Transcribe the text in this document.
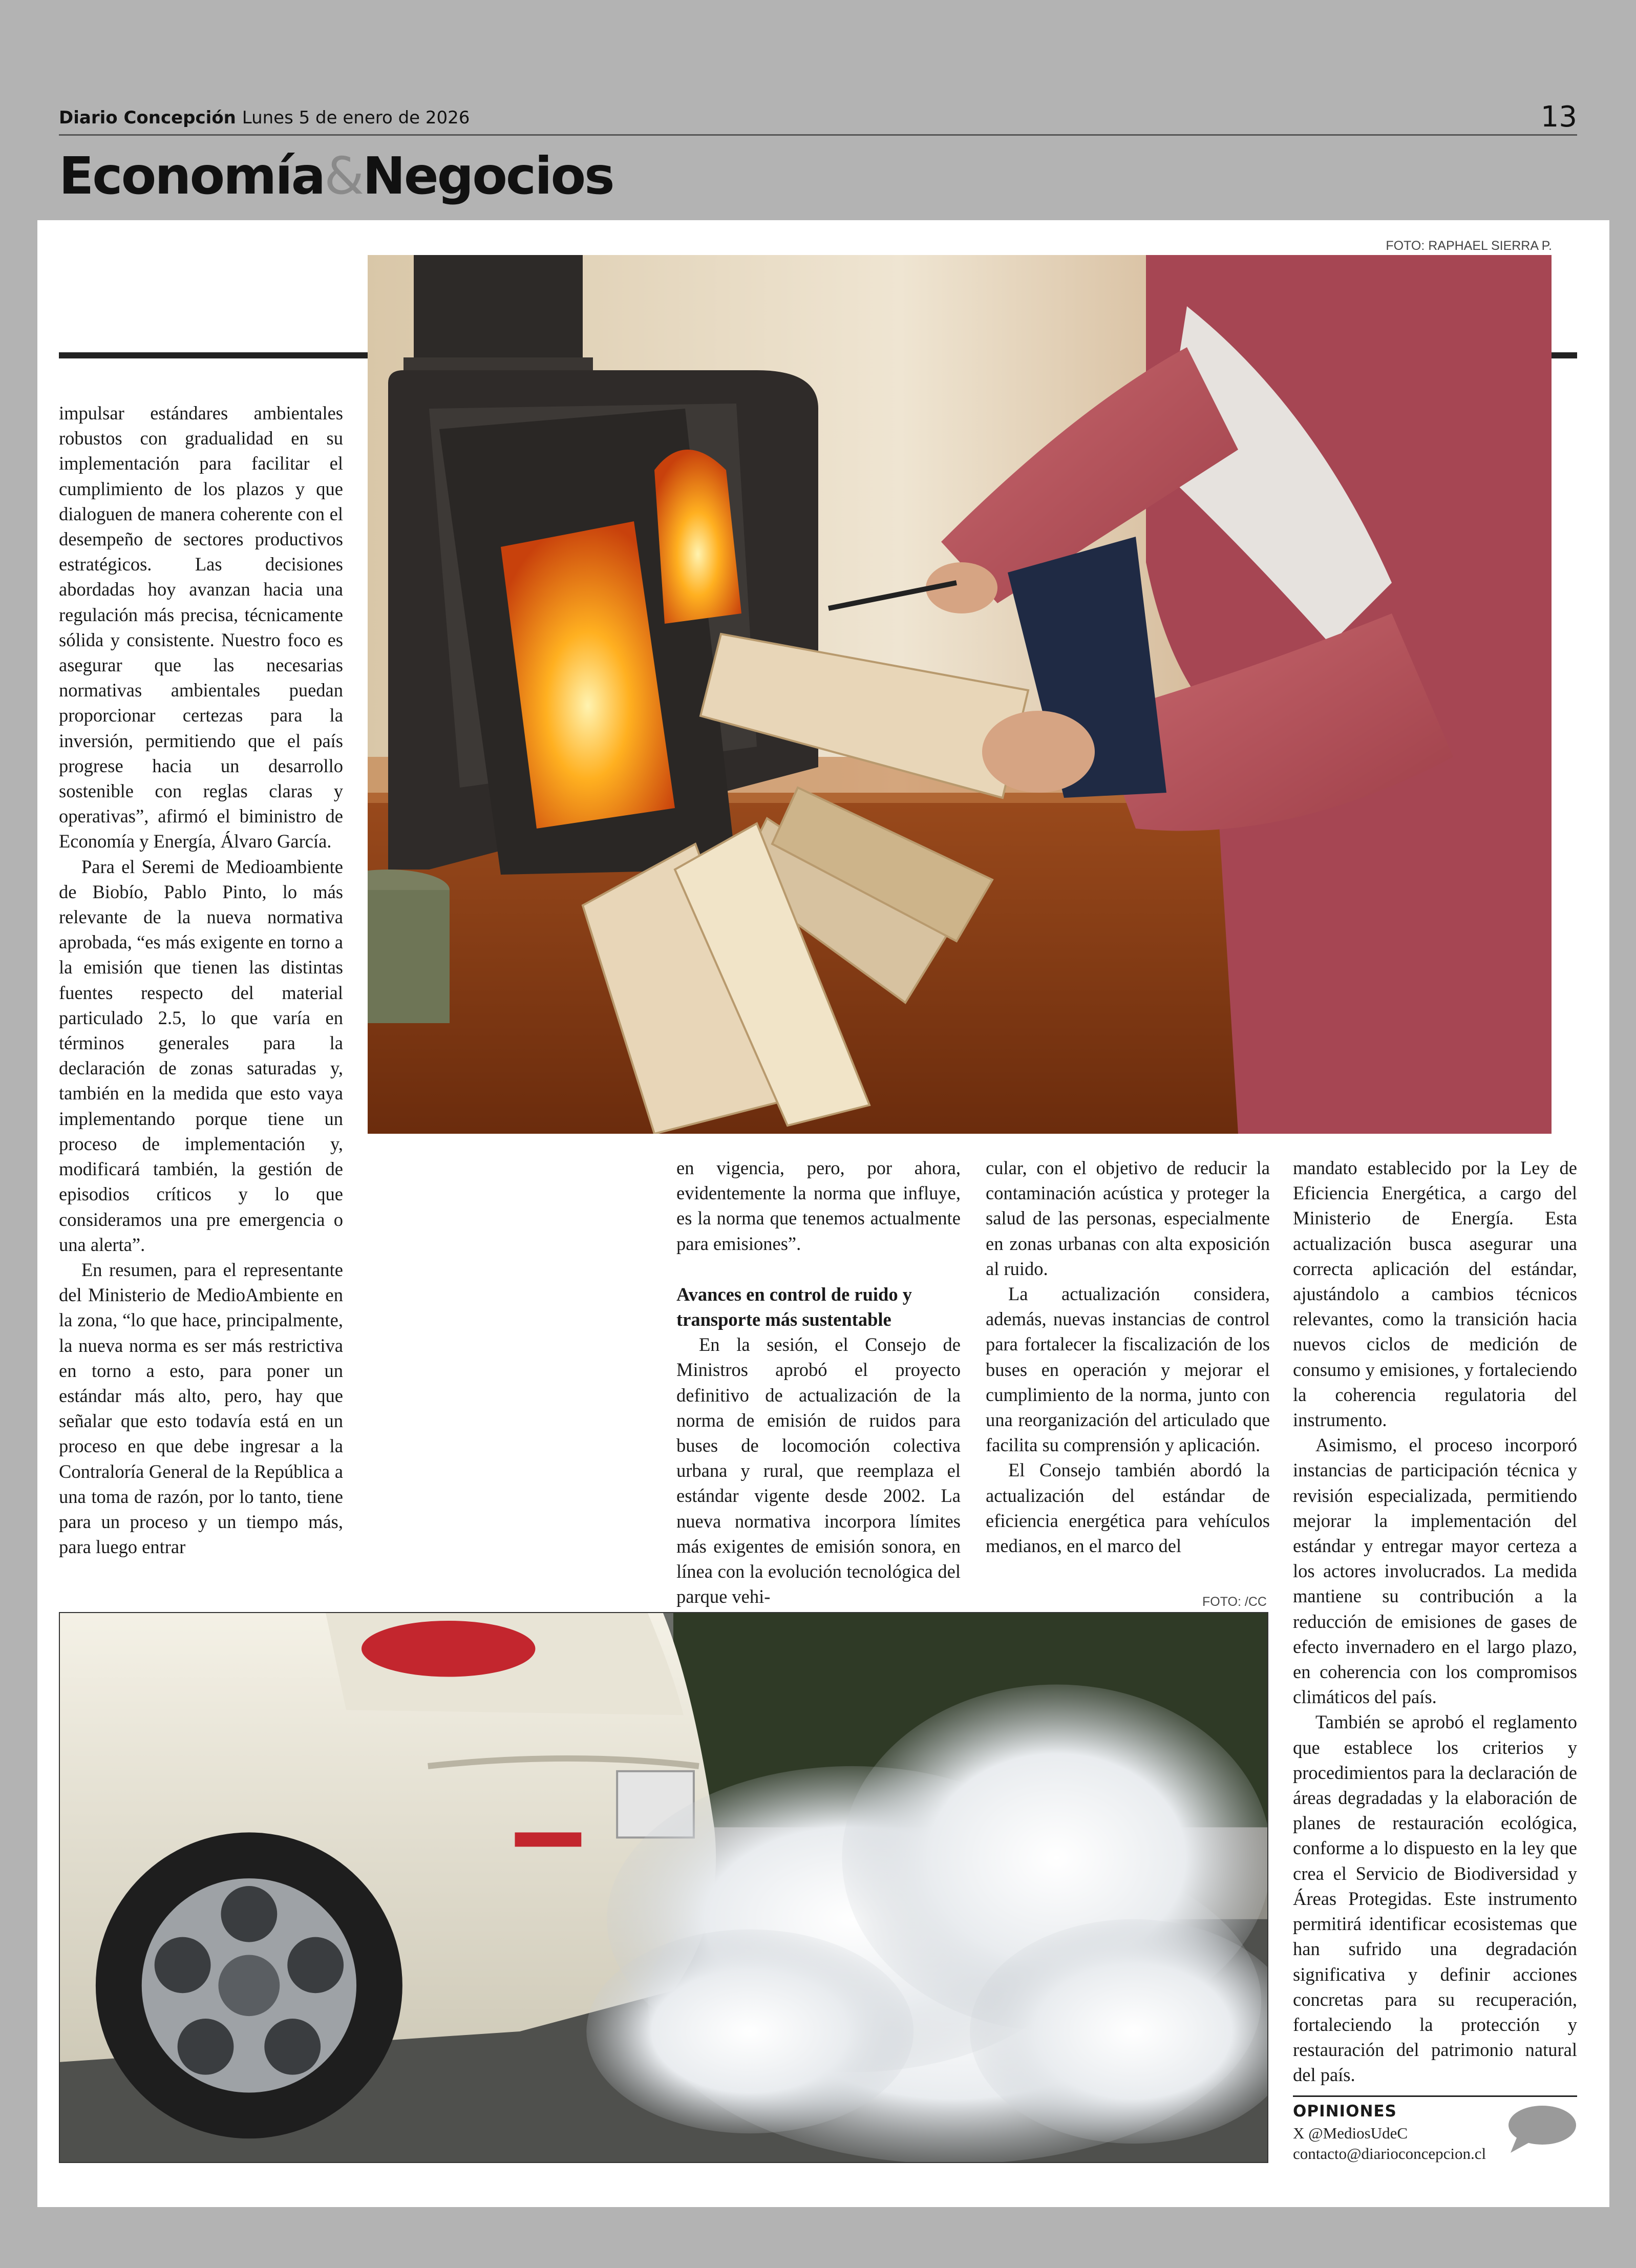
Diario Concepción Lunes 5 de enero de 2026	13
Economía&Negocios
FOTO: RAPHAEL SIERRA P.

impulsar estándares ambientales robustos con gradualidad en su implementación para facilitar el cumplimiento de los plazos y que dialoguen de manera coherente con el desempeño de sectores productivos estratégicos. Las decisiones abordadas hoy avanzan hacia una regulación más precisa, técnicamente sólida y consistente. Nuestro foco es asegurar que las necesarias normativas ambientales puedan proporcionar certezas para la inversión, permitiendo que el país progrese hacia un desarrollo sostenible con reglas claras y operativas”, afirmó el biministro de Economía y Energía, Álvaro García.

Para el Seremi de Medioambiente de Biobío, Pablo Pinto, lo más relevante de la nueva normativa aprobada, “es más exigente en torno a la emisión que tienen las distintas fuentes respecto del material particulado 2.5, lo que varía en términos generales para la declaración de zonas saturadas y, también en la medida que esto vaya implementando porque tiene un proceso de implementación y, modificará también, la gestión de episodios críticos y lo que consideramos una pre emergencia o una alerta”.

En resumen, para el representante del Ministerio de MedioAmbiente en la zona, “lo que hace, principalmente, la nueva norma es ser más restrictiva en torno a esto, para poner un estándar más alto, pero, hay que señalar que esto todavía está en un proceso en que debe ingresar a la Contraloría General de la República a una toma de razón, por lo tanto, tiene para un proceso y un tiempo más, para luego entrar

en vigencia, pero, por ahora, evidentemente la norma que influye, es la norma que tenemos actualmente para emisiones”.

Avances en control de ruido y transporte más sustentable

En la sesión, el Consejo de Ministros aprobó el proyecto definitivo de actualización de la norma de emisión de ruidos para buses de locomoción colectiva urbana y rural, que reemplaza el estándar vigente desde 2002. La nueva normativa incorpora límites más exigentes de emisión sonora, en línea con la evolución tecnológica del parque vehi-

cular, con el objetivo de reducir la contaminación acústica y proteger la salud de las personas, especialmente en zonas urbanas con alta exposición al ruido.

La actualización considera, además, nuevas instancias de control para fortalecer la fiscalización de los buses en operación y mejorar el cumplimiento de la norma, junto con una reorganización del articulado que facilita su comprensión y aplicación.

El Consejo también abordó la actualización del estándar de eficiencia energética para vehículos medianos, en el marco del

mandato establecido por la Ley de Eficiencia Energética, a cargo del Ministerio de Energía. Esta actualización busca asegurar una correcta aplicación del estándar, ajustándolo a cambios técnicos relevantes, como la transición hacia nuevos ciclos de medición de consumo y emisiones, y fortaleciendo la coherencia regulatoria del instrumento.

Asimismo, el proceso incorporó instancias de participación técnica y revisión especializada, permitiendo mejorar la implementación del estándar y entregar mayor certeza a los actores involucrados. La medida mantiene su contribución a la reducción de emisiones de gases de efecto invernadero en el largo plazo, en coherencia con los compromisos climáticos del país.

También se aprobó el reglamento que establece los criterios y procedimientos para la declaración de áreas degradadas y la elaboración de planes de restauración ecológica, conforme a lo dispuesto en la ley que crea el Servicio de Biodiversidad y Áreas Protegidas. Este instrumento permitirá identificar ecosistemas que han sufrido una degradación significativa y definir acciones concretas para su recuperación, fortaleciendo la protección y restauración del patrimonio natural del país.

FOTO: /CC
OPINIONES
X @MediosUdeC
contacto@diarioconcepcion.cl
